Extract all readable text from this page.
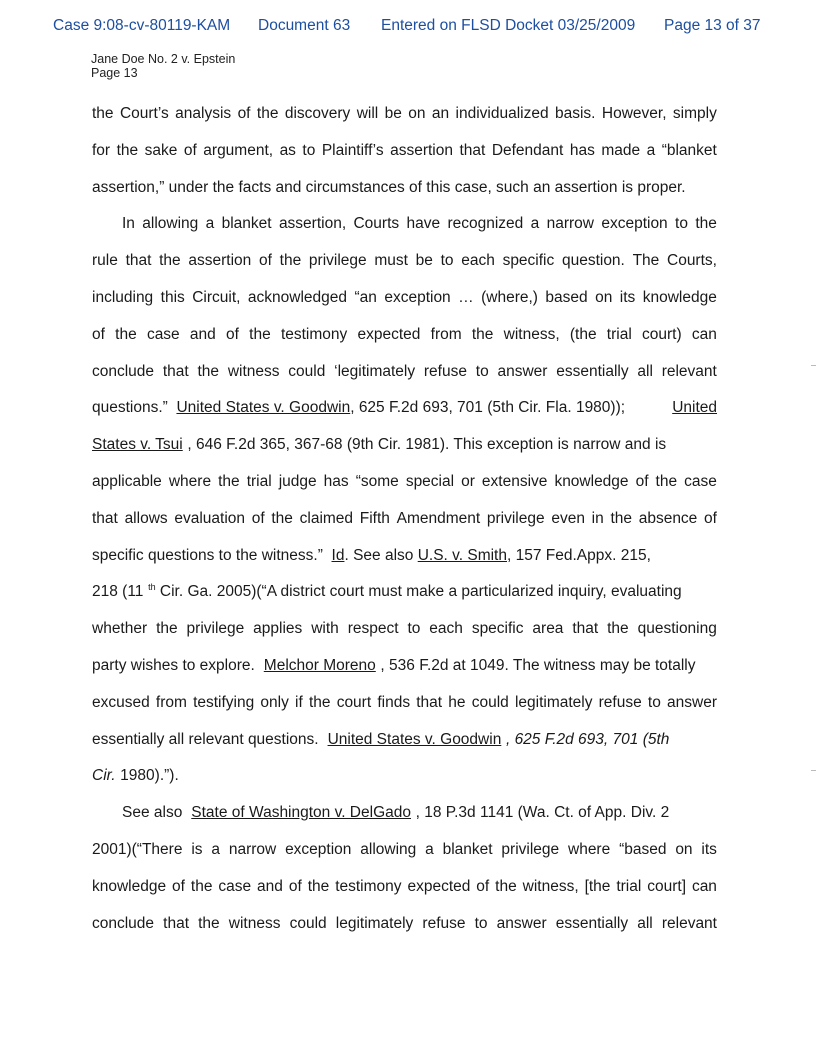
Case 9:08-cv-80119-KAM Document 63 Entered on FLSD Docket 03/25/2009 Page 13 of 37
Jane Doe No. 2 v. Epstein
Page 13
the Court’s analysis of the discovery will be on an individualized basis. However, simply
for the sake of argument, as to Plaintiff’s assertion that Defendant has made a “blanket
assertion,” under the facts and circumstances of this case, such an assertion is proper.
In allowing a blanket assertion, Courts have recognized a narrow exception to the
rule that the assertion of the privilege must be to each specific question. The Courts,
including this Circuit, acknowledged “an exception … (where,) based on its knowledge
of the case and of the testimony expected from the witness, (the trial court) can
conclude that the witness could ‘legitimately refuse to answer essentially all relevant
questions.” United States v. Goodwin, 625 F.2d 693, 701 (5th Cir. Fla. 1980));	United
States v. Tsui , 646 F.2d 365, 367-68 (9th Cir. 1981). This exception is narrow and is
applicable where the trial judge has “some special or extensive knowledge of the case
that allows evaluation of the claimed Fifth Amendment privilege even in the absence of
specific questions to the witness.” Id. See also U.S. v. Smith, 157 Fed.Appx. 215,
218 (11 $^{th}$ Cir. Ga. 2005)(“A district court must make a particularized inquiry, evaluating
whether the privilege applies with respect to each specific area that the questioning
party wishes to explore. Melchor Moreno , 536 F.2d at 1049. The witness may be totally
excused from testifying only if the court finds that he could legitimately refuse to answer
essentially all relevant questions. United States v. Goodwin , 625 F.2d 693, 701 (5th
Cir. 1980).”).
See also State of Washington v. DelGado , 18 P.3d 1141 (Wa. Ct. of App. Div. 2
2001)(“There is a narrow exception allowing a blanket privilege where “based on its
knowledge of the case and of the testimony expected of the witness, [the trial court] can
conclude that the witness could legitimately refuse to answer essentially all relevant
